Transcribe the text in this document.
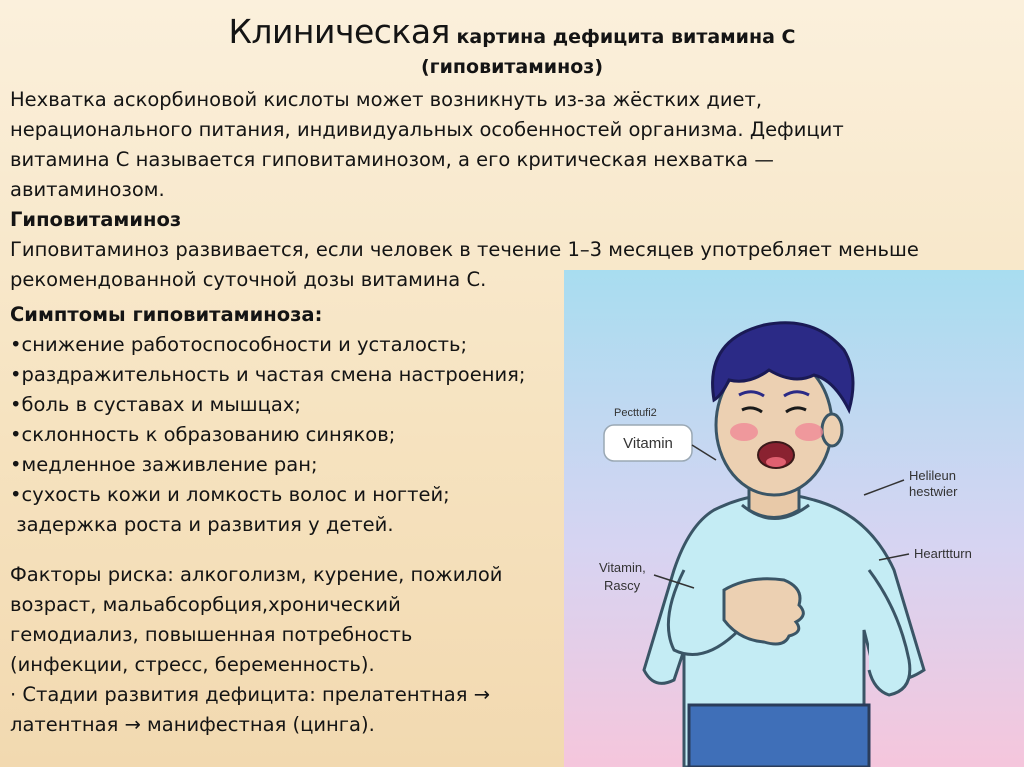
Клиническая картина дефицита витамина С
(гиповитаминоз)
Нехватка аскорбиновой кислоты может возникнуть из-за жёстких диет,
нерационального питания, индивидуальных особенностей организма. Дефицит
витамина С называется гиповитаминозом, а его критическая нехватка —
авитаминозом.
Гиповитаминоз
Гиповитаминоз развивается, если человек в течение 1–3 месяцев употребляет меньше
рекомендованной суточной дозы витамина С.
Симптомы гиповитаминоза:
•снижение работоспособности и усталость;
•раздражительность и частая смена настроения;
•боль в суставах и мышцах;
•склонность к образованию синяков;
•медленное заживление ран;
•сухость кожи и ломкость волос и ногтей;
задержка роста и развития у детей.
Факторы риска: алкоголизм, курение, пожилой
возраст, мальабсорбция,хронический
гемодиализ, повышенная потребность
(инфекции, стресс, беременность).
· Стадии развития дефицита: прелатентная →
латентная → манифестная (цинга).
Pecttufi2
Vitamin
Helileun
hestwier
Hearttturn
Vitamin,
Rascy
